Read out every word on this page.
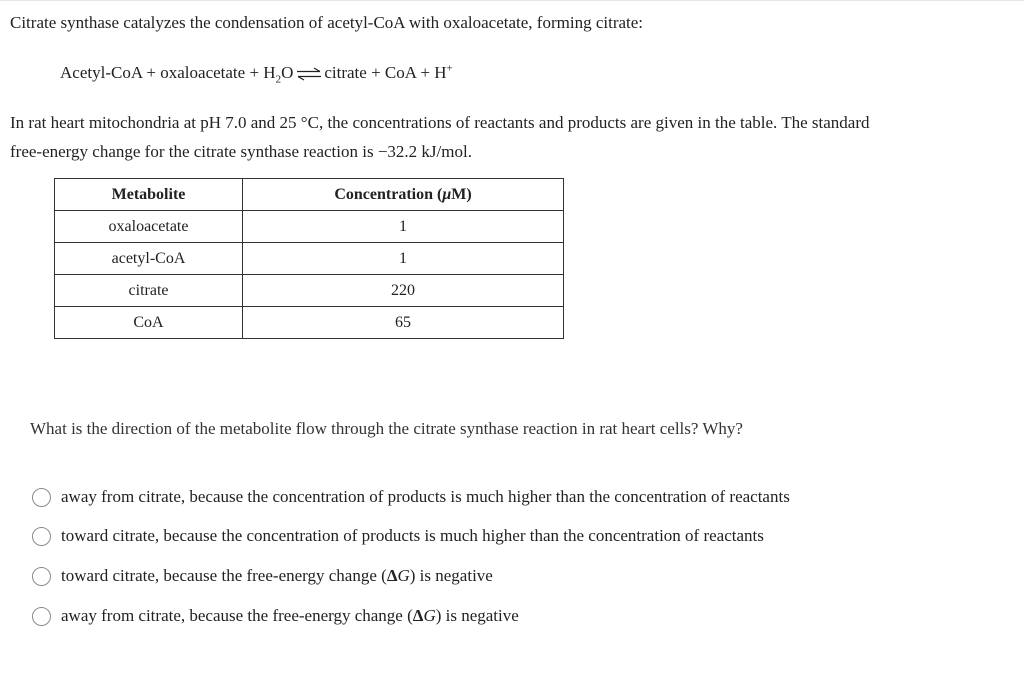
Citrate synthase catalyzes the condensation of acetyl-CoA with oxaloacetate, forming citrate:
Acetyl-CoA + oxaloacetate + $H_2O$ ⇌ citrate + CoA + H+
In rat heart mitochondria at pH 7.0 and 25 °C, the concentrations of reactants and products are given in the table. The standard
free-energy change for the citrate synthase reaction is −32.2 kJ/mol.
Metabolite	Concentration (μM)
oxaloacetate	1
acetyl-CoA	1
citrate	220
CoA	65
What is the direction of the metabolite flow through the citrate synthase reaction in rat heart cells? Why?
away from citrate, because the concentration of products is much higher than the concentration of reactants
toward citrate, because the concentration of products is much higher than the concentration of reactants
toward citrate, because the free-energy change (ΔG) is negative
away from citrate, because the free-energy change (ΔG) is negative
